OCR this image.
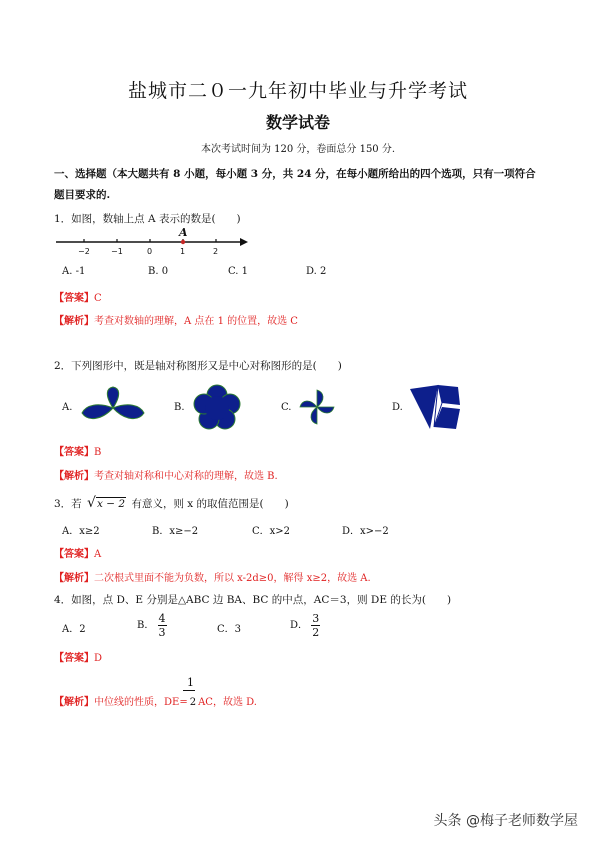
盐城市二０一九年初中毕业与升学考试
数学试卷
本次考试时间为 120 分，卷面总分 150 分.
一、选择题（本大题共有 8 小题，每小题 3 分，共 24 分，在每小题所给出的四个选项，只有一项符合题目要求的.
1．如图，数轴上点 A 表示的数是(　　)
A
−2	−1	0	1	2
A. -1	B. 0	C. 1	D. 2
【答案】C
【解析】考查对数轴的理解，A 点在 1 的位置，故选 C
2．下列图形中，既是轴对称图形又是中心对称图形的是(　　)
A.	B.	C.	D.
【答案】B
【解析】考查对轴对称和中心对称的理解，故选 B.
3．若 √ x − 2 有意义，则 x 的取值范围是(　　)
A．x≥2	B．x≥−2	C．x>2	D．x>−2
【答案】A
【解析】二次根式里面不能为负数，所以 x-2d≥0，解得 x≥2，故选 A.
4．如图，点 D、E 分别是△ABC 边 BA、BC 的中点，AC＝3，则 DE 的长为(　　)
A．2	B． $\frac{4}{3}$	C．3	D． $\frac{3}{2}$
【答案】D
1
【解析】中位线的性质，DE= 2 AC，故选 D.
头条 @梅子老师数学屋
